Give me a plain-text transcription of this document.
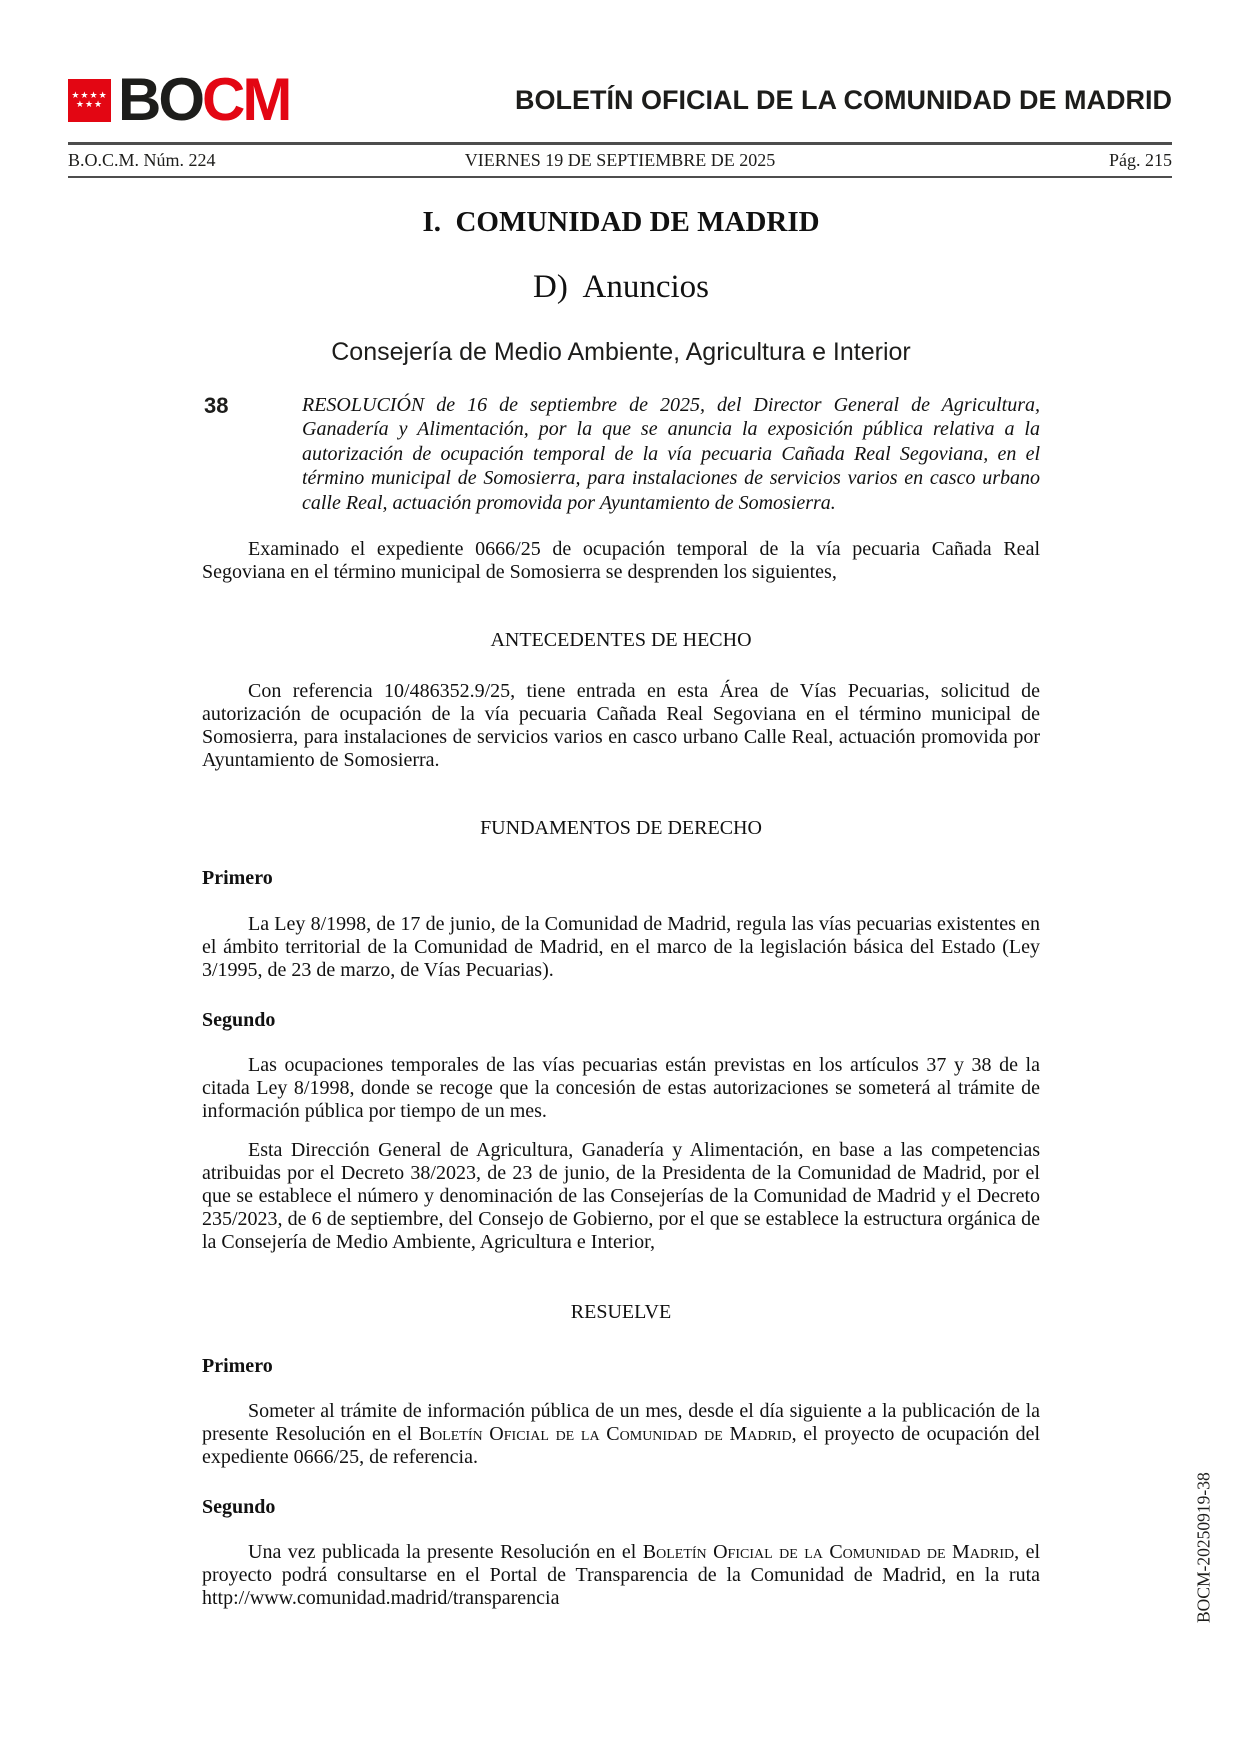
★★★★
★★★ BOCM	BOLETÍN OFICIAL DE LA COMUNIDAD DE MADRID
B.O.C.M. Núm. 224	VIERNES 19 DE SEPTIEMBRE DE 2025	Pág. 215
I.  COMUNIDAD DE MADRID
D)  Anuncios
Consejería de Medio Ambiente, Agricultura e Interior
38	RESOLUCIÓN de 16 de septiembre de 2025, del Director General de Agricultura, Ganadería y Alimentación, por la que se anuncia la exposición pública relativa a la autorización de ocupación temporal de la vía pecuaria Cañada Real Segoviana, en el término municipal de Somosierra, para instalaciones de servicios varios en casco urbano calle Real, actuación promovida por Ayuntamiento de Somosierra.

Examinado el expediente 0666/25 de ocupación temporal de la vía pecuaria Cañada Real Segoviana en el término municipal de Somosierra se desprenden los siguientes,

ANTECEDENTES DE HECHO

Con referencia 10/486352.9/25, tiene entrada en esta Área de Vías Pecuarias, solicitud de autorización de ocupación de la vía pecuaria Cañada Real Segoviana en el término municipal de Somosierra, para instalaciones de servicios varios en casco urbano Calle Real, actuación promovida por Ayuntamiento de Somosierra.

FUNDAMENTOS DE DERECHO
Primero

La Ley 8/1998, de 17 de junio, de la Comunidad de Madrid, regula las vías pecuarias existentes en el ámbito territorial de la Comunidad de Madrid, en el marco de la legislación básica del Estado (Ley 3/1995, de 23 de marzo, de Vías Pecuarias).

Segundo

Las ocupaciones temporales de las vías pecuarias están previstas en los artículos 37 y 38 de la citada Ley 8/1998, donde se recoge que la concesión de estas autorizaciones se someterá al trámite de información pública por tiempo de un mes.

Esta Dirección General de Agricultura, Ganadería y Alimentación, en base a las competencias atribuidas por el Decreto 38/2023, de 23 de junio, de la Presidenta de la Comunidad de Madrid, por el que se establece el número y denominación de las Consejerías de la Comunidad de Madrid y el Decreto 235/2023, de 6 de septiembre, del Consejo de Gobierno, por el que se establece la estructura orgánica de la Consejería de Medio Ambiente, Agricultura e Interior,

RESUELVE
Primero

Someter al trámite de información pública de un mes, desde el día siguiente a la publicación de la presente Resolución en el Boletín Oficial de la Comunidad de Madrid, el proyecto de ocupación del expediente 0666/25, de referencia.

Segundo

Una vez publicada la presente Resolución en el Boletín Oficial de la Comunidad de Madrid, el proyecto podrá consultarse en el Portal de Transparencia de la Comunidad de Madrid, en la ruta http://www.comunidad.madrid/transparencia	BOCM-20250919-38
